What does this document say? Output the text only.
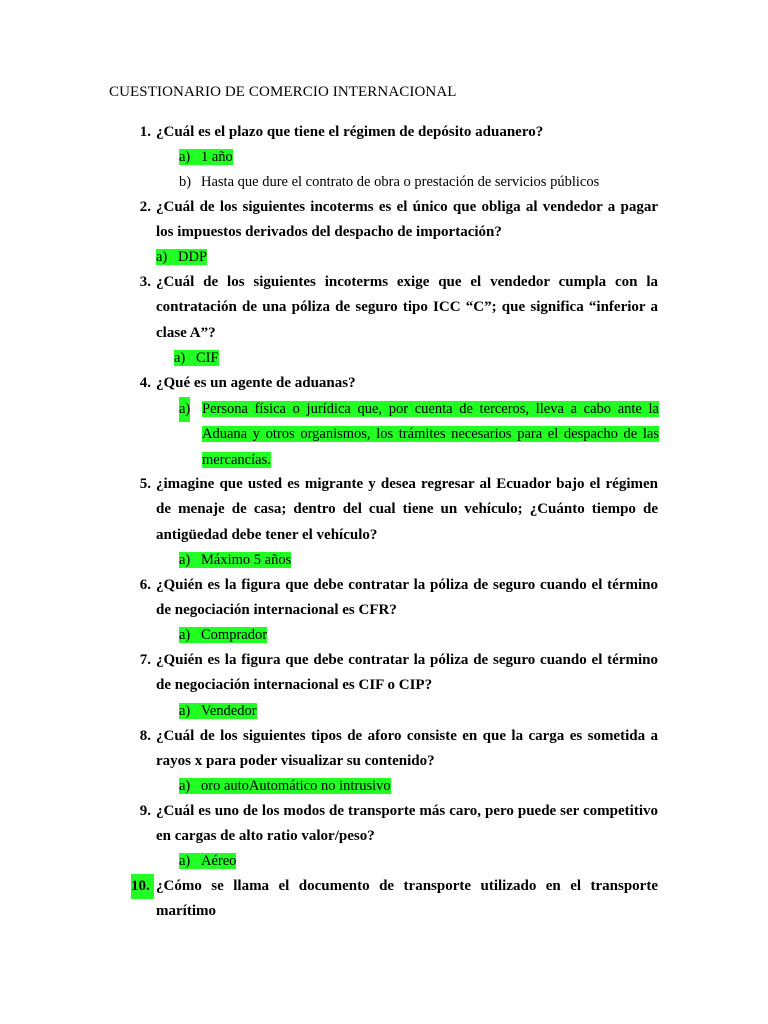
CUESTIONARIO DE COMERCIO INTERNACIONAL
1. ¿Cuál es el plazo que tiene el régimen de depósito aduanero?
a) 1 año
b) Hasta que dure el contrato de obra o prestación de servicios públicos
2. ¿Cuál de los siguientes incoterms es el único que obliga al vendedor a pagar los impuestos derivados del despacho de importación?
a) DDP
3. ¿Cuál de los siguientes incoterms exige que el vendedor cumpla con la contratación de una póliza de seguro tipo ICC “C”; que significa “inferior a clase A”?
a) CIF
4. ¿Qué es un agente de aduanas?
a) Persona física o jurídica que, por cuenta de terceros, lleva a cabo ante la Aduana y otros organismos, los trámites necesarios para el despacho de las mercancías.
5. ¿imagine que usted es migrante y desea regresar al Ecuador bajo el régimen de menaje de casa; dentro del cual tiene un vehículo; ¿Cuánto tiempo de antigüedad debe tener el vehículo?
a) Máximo 5 años
6. ¿Quién es la figura que debe contratar la póliza de seguro cuando el término de negociación internacional es CFR?
a) Comprador
7. ¿Quién es la figura que debe contratar la póliza de seguro cuando el término de negociación internacional es CIF o CIP?
a) Vendedor
8. ¿Cuál de los siguientes tipos de aforo consiste en que la carga es sometida a rayos x para poder visualizar su contenido?
a) oro autoAutomático no intrusivo
9. ¿Cuál es uno de los modos de transporte más caro, pero puede ser competitivo en cargas de alto ratio valor/peso?
a) Aéreo
10. ¿Cómo se llama el documento de transporte utilizado en el transporte marítimo
